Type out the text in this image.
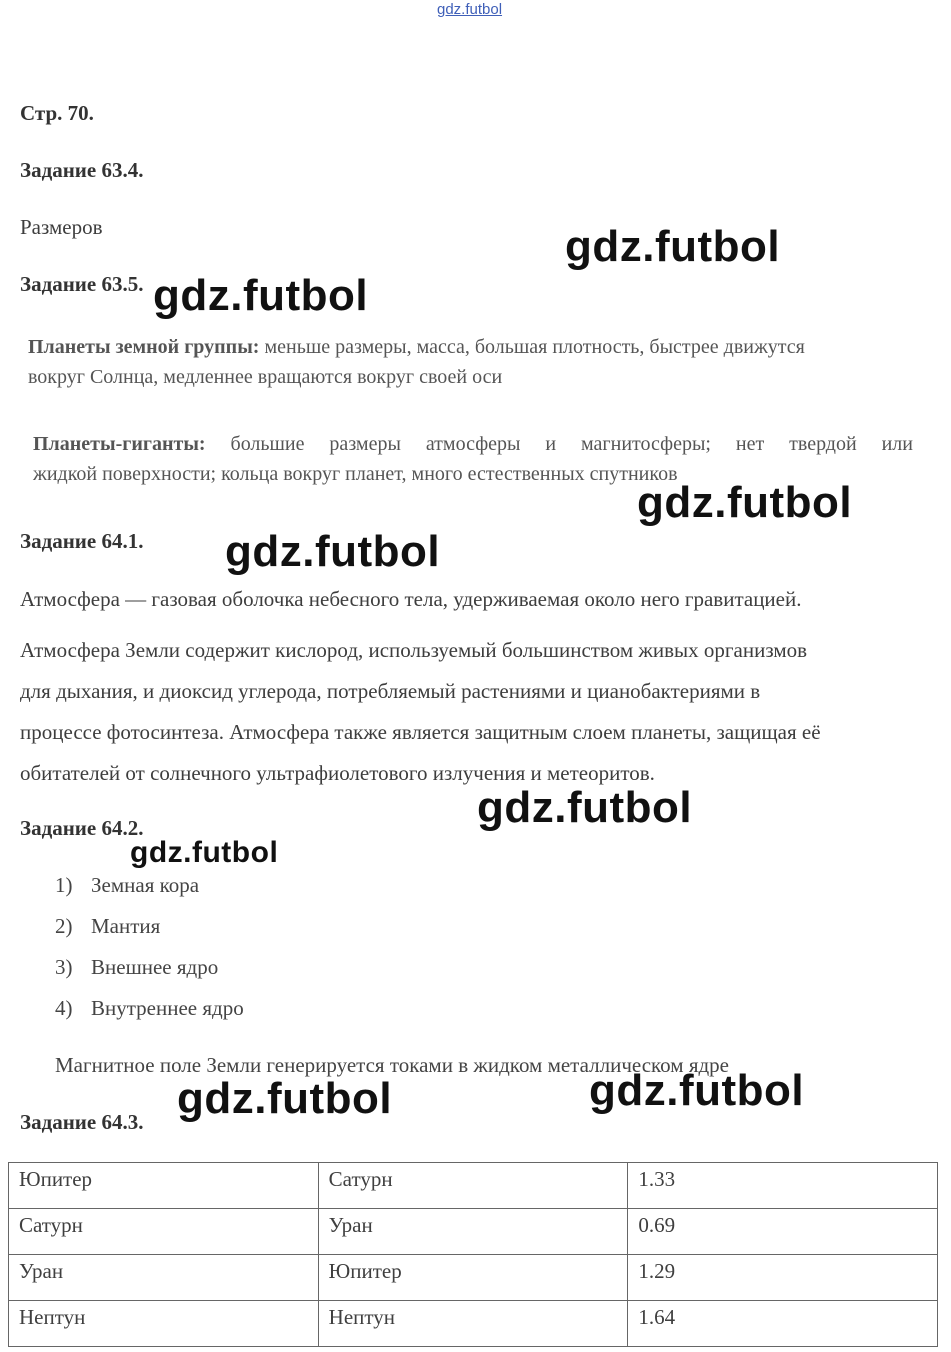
gdz.futbol
Стр. 70.
Задание 63.4.
Размеров
Задание 63.5.
Планеты земной группы: меньше размеры, масса, большая плотность, быстрее движутся
вокруг Солнца, медленнее вращаются вокруг своей оси
Планеты-гиганты: большие размеры атмосферы и магнитосферы; нет твердой или
жидкой поверхности; кольца вокруг планет, много естественных спутников
Задание 64.1.
Атмосфера — газовая оболочка небесного тела, удерживаемая около него гравитацией.
Атмосфера Земли содержит кислород, используемый большинством живых организмов
для дыхания, и диоксид углерода, потребляемый растениями и цианобактериями в
процессе фотосинтеза. Атмосфера также является защитным слоем планеты, защищая её
обитателей от солнечного ультрафиолетового излучения и метеоритов.
Задание 64.2.
1) Земная кора
2) Мантия
3) Внешнее ядро
4) Внутреннее ядро
Магнитное поле Земли генерируется токами в жидком металлическом ядре
Задание 64.3.
Юпитер	Сатурн	1.33
Сатурн	Уран	0.69
Уран	Юпитер	1.29
Нептун	Нептун	1.64
gdz.futbol
gdz.futbol
gdz.futbol
gdz.futbol
gdz.futbol
gdz.futbol
gdz.futbol
gdz.futbol
